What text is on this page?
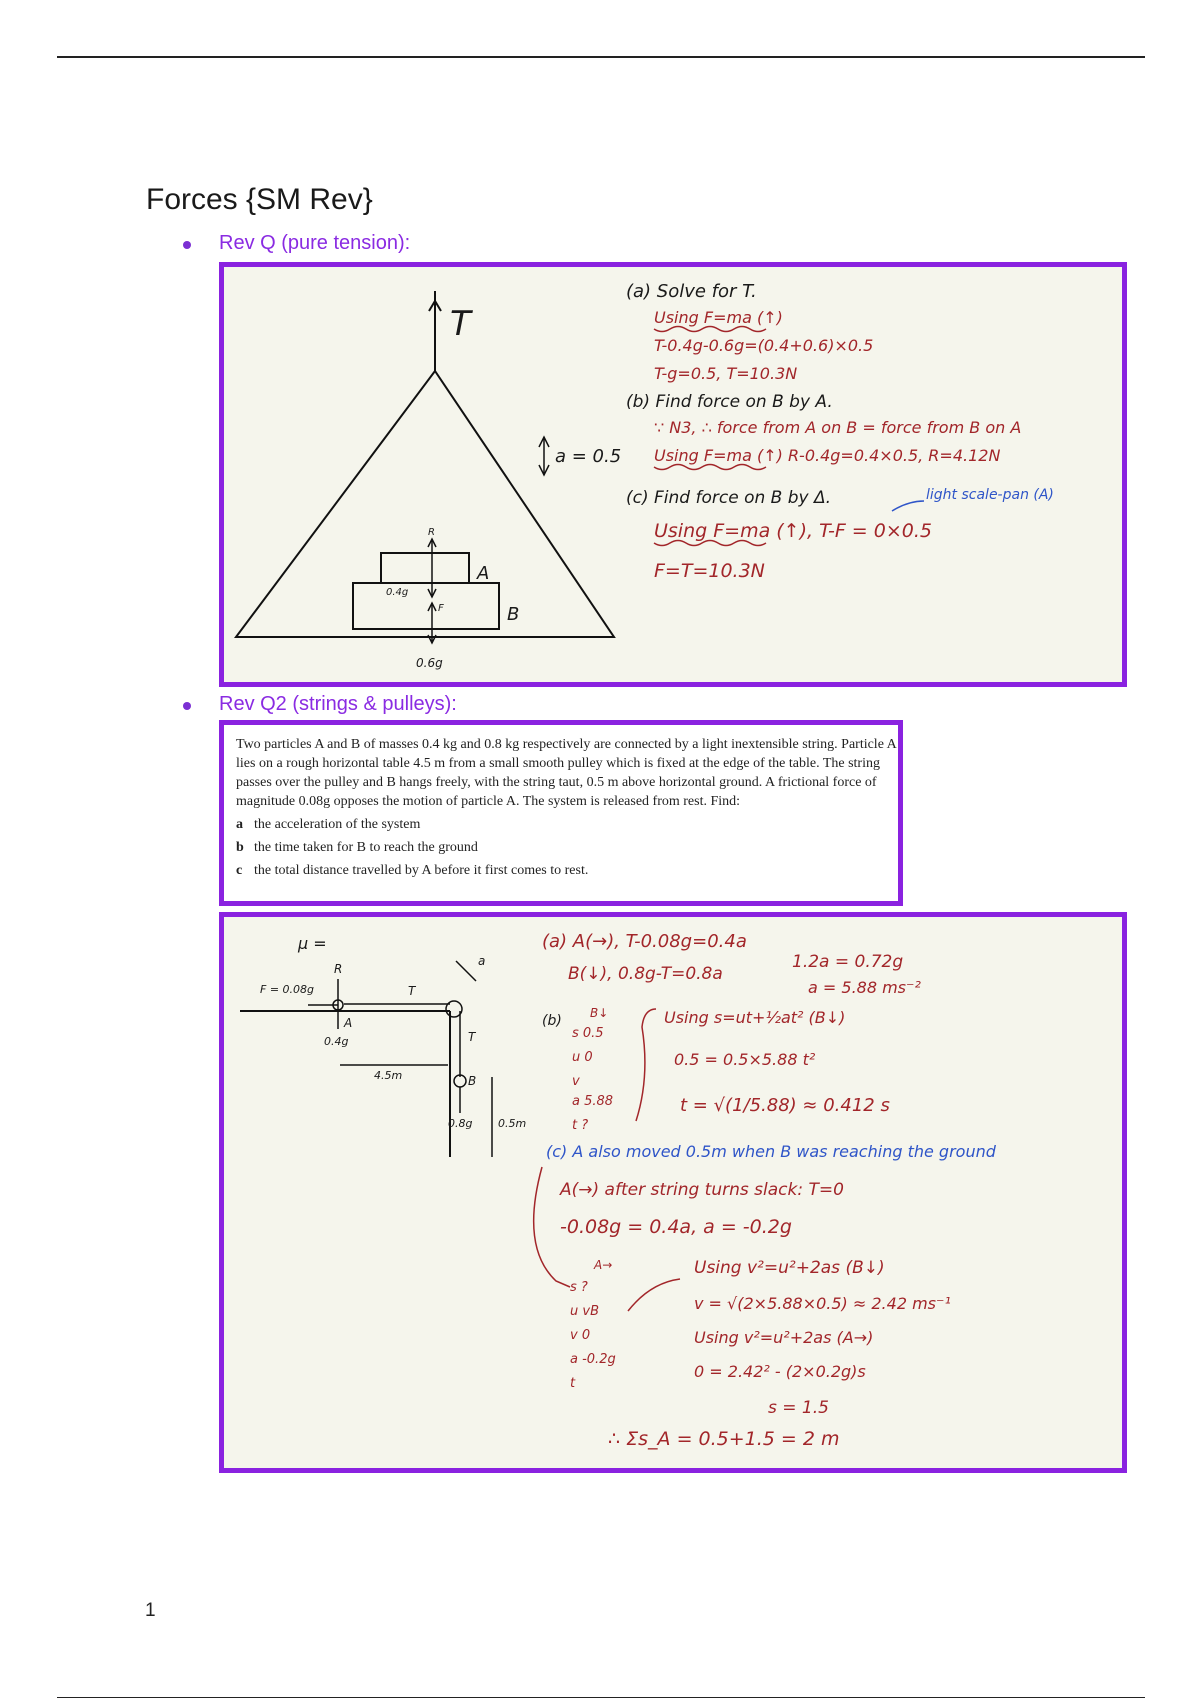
Forces {SM Rev}
Rev Q (pure tension):
T
a = 0.5
A
B
R
0.4g
F
0.6g
(a) Solve for T.
Using F=ma (↑)
T-0.4g-0.6g=(0.4+0.6)×0.5
T-g=0.5, T=10.3N
(b) Find force on B by A.
∵ N3, ∴ force from A on B = force from B on A
Using F=ma (↑) R-0.4g=0.4×0.5, R=4.12N
(c) Find force on B by Δ.	light scale-pan (A)
Using F=ma (↑), T-F = 0×0.5
F=T=10.3N
Rev Q2 (strings & pulleys):

Two particles A and B of masses 0.4 kg and 0.8 kg respectively are connected by a light inextensible string. Particle A lies on a rough horizontal table 4.5 m from a small smooth pulley which is fixed at the edge of the table. The string passes over the pulley and B hangs freely, with the string taut, 0.5 m above horizontal ground. A frictional force of magnitude 0.08g opposes the motion of particle A. The system is released from rest. Find:

a the acceleration of the system
b the time taken for B to reach the ground
c the total distance travelled by A before it first comes to rest.
μ =
R
F = 0.08g	T
T
a
A
0.4g
4.5m	B
0.8g 0.5m
(a) A(→), T-0.08g=0.4a
B(↓), 0.8g-T=0.8a
1.2a = 0.72g
a = 5.88 ms⁻²
(b) B↓
s 0.5
u 0
v
a 5.88
t ?
Using s=ut+½at² (B↓)
0.5 = 0.5×5.88 t²
t = √(1/5.88) ≈ 0.412 s
(c) A also moved 0.5m when B was reaching the ground
A(→) after string turns slack: T=0
-0.08g = 0.4a, a = -0.2g
A→
s ?
u vB
v 0
a -0.2g
t
Using v²=u²+2as (B↓)
v = √(2×5.88×0.5) ≈ 2.42 ms⁻¹
Using v²=u²+2as (A→)
0 = 2.42² - (2×0.2g)s
s = 1.5
∴ Σs_A = 0.5+1.5 = 2 m
1
